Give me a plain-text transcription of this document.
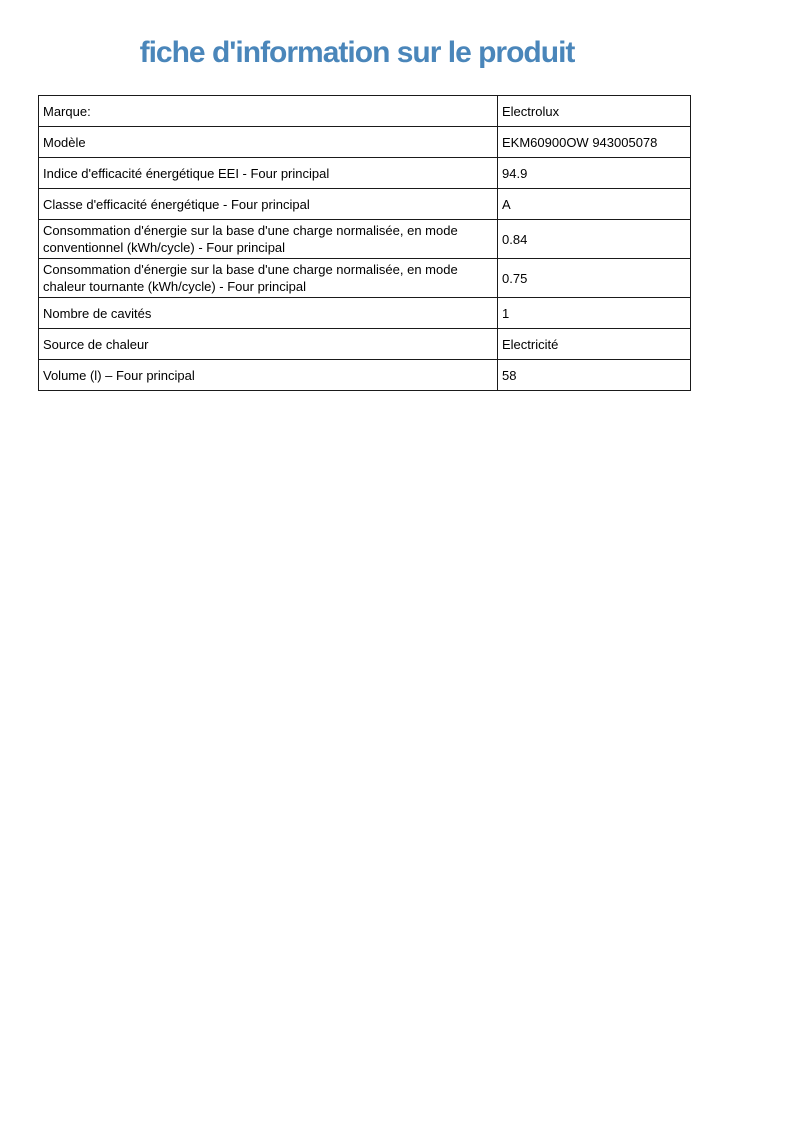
fiche d'information sur le produit
Marque:	Electrolux
Modèle	EKM60900OW 943005078
Indice d'efficacité énergétique EEI - Four principal	94.9
Classe d'efficacité énergétique - Four principal	A
Consommation d'énergie sur la base d'une charge normalisée, en mode conventionnel (kWh/cycle) - Four principal	0.84
Consommation d'énergie sur la base d'une charge normalisée, en mode chaleur tournante (kWh/cycle) - Four principal	0.75
Nombre de cavités	1
Source de chaleur	Electricité
Volume (l) – Four principal	58
